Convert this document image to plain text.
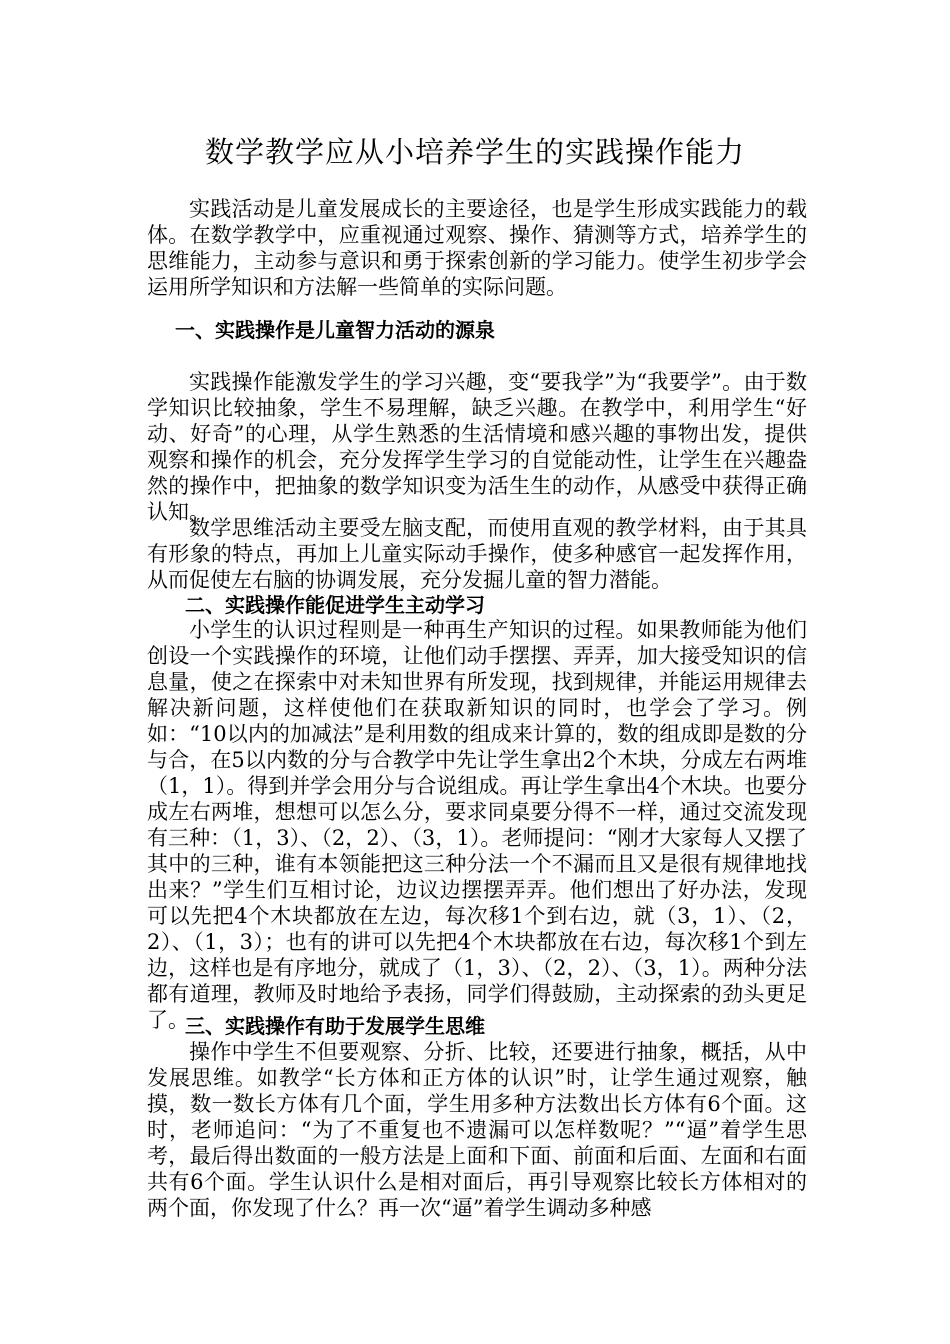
数学教学应从小培养学生的实践操作能力

实践活动是儿童发展成长的主要途径，也是学生形成实践能力的载体。在数学教学中，应重视通过观察、操作、猜测等方式，培养学生的思维能力，主动参与意识和勇于探索创新的学习能力。使学生初步学会运用所学知识和方法解一些简单的实际问题。

一、实践操作是儿童智力活动的源泉

实践操作能激发学生的学习兴趣，变“要我学”为“我要学”。由于数学知识比较抽象，学生不易理解，缺乏兴趣。在教学中，利用学生“好动、好奇”的心理，从学生熟悉的生活情境和感兴趣的事物出发，提供观察和操作的机会，充分发挥学生学习的自觉能动性，让学生在兴趣盎然的操作中，把抽象的数学知识变为活生生的动作，从感受中获得正确认知。

数学思维活动主要受左脑支配，而使用直观的教学材料，由于其具有形象的特点，再加上儿童实际动手操作，使多种感官一起发挥作用，从而促使左右脑的协调发展，充分发掘儿童的智力潜能。

二、实践操作能促进学生主动学习

小学生的认识过程则是一种再生产知识的过程。如果教师能为他们创设一个实践操作的环境，让他们动手摆摆、弄弄，加大接受知识的信息量，使之在探索中对未知世界有所发现，找到规律，并能运用规律去解决新问题，这样使他们在获取新知识的同时，也学会了学习。例如：“10以内的加减法”是利用数的组成来计算的，数的组成即是数的分与合，在5以内数的分与合教学中先让学生拿出2个木块，分成左右两堆（1，1）。得到并学会用分与合说组成。再让学生拿出4个木块。也要分成左右两堆，想想可以怎么分，要求同桌要分得不一样，通过交流发现有三种：（1，3）、（2，2）、（3，1）。老师提问：“刚才大家每人又摆了其中的三种，谁有本领能把这三种分法一个不漏而且又是很有规律地找出来？”学生们互相讨论，边议边摆摆弄弄。他们想出了好办法，发现可以先把4个木块都放在左边，每次移1个到右边，就（3，1）、（2，2）、（1，3）；也有的讲可以先把4个木块都放在右边，每次移1个到左边，这样也是有序地分，就成了（1，3）、（2，2）、（3，1）。两种分法都有道理，教师及时地给予表扬，同学们得鼓励，主动探索的劲头更足了。

三、实践操作有助于发展学生思维

操作中学生不但要观察、分折、比较，还要进行抽象，概括，从中发展思维。如教学“长方体和正方体的认识”时，让学生通过观察，触摸，数一数长方体有几个面，学生用多种方法数出长方体有6个面。这时，老师追问：“为了不重复也不遗漏可以怎样数呢？”“逼”着学生思考，最后得出数面的一般方法是上面和下面、前面和后面、左面和右面共有6个面。学生认识什么是相对面后，再引导观察比较长方体相对的两个面，你发现了什么？再一次“逼”着学生调动多种感
